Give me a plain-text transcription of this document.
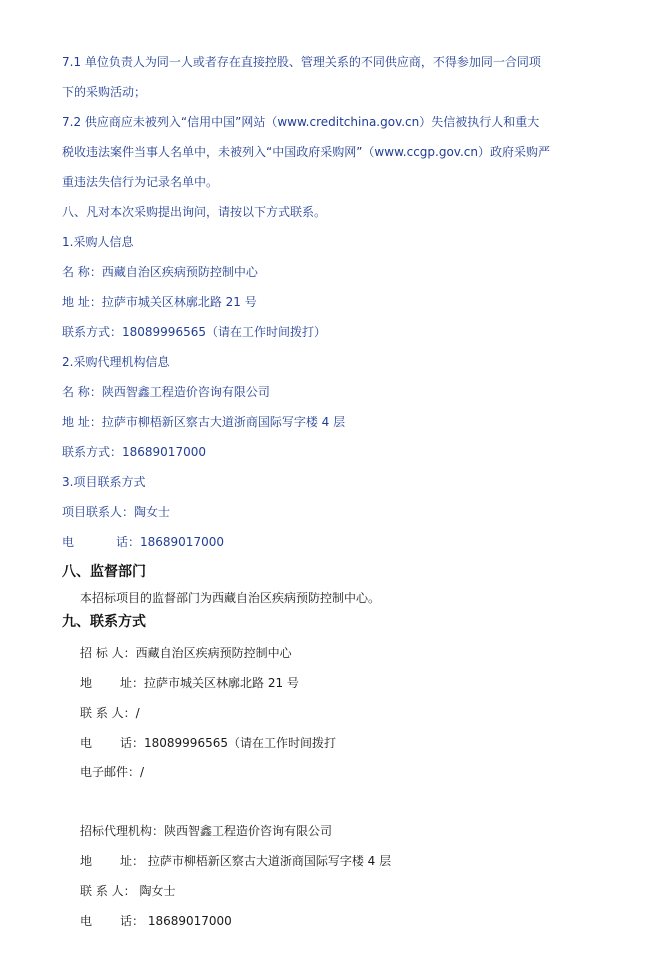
7.1 单位负责人为同一人或者存在直接控股、管理关系的不同供应商，不得参加同一合同项
下的采购活动；
7.2 供应商应未被列入“信用中国”网站（www.creditchina.gov.cn）失信被执行人和重大
税收违法案件当事人名单中，未被列入“中国政府采购网”（www.ccgp.gov.cn）政府采购严
重违法失信行为记录名单中。
八、凡对本次采购提出询问，请按以下方式联系。
1.采购人信息
名 称：西藏自治区疾病预防控制中心
地 址：拉萨市城关区林廓北路 21 号
联系方式：18089996565（请在工作时间拨打）
2.采购代理机构信息
名 称：陕西智鑫工程造价咨询有限公司
地 址：拉萨市柳梧新区察古大道浙商国际写字楼 4 层
联系方式：18689017000
3.项目联系方式
项目联系人：陶女士
电	话：18689017000
八、监督部门
本招标项目的监督部门为西藏自治区疾病预防控制中心。
九、联系方式
招 标 人：西藏自治区疾病预防控制中心
地 址：拉萨市城关区林廓北路 21 号
联 系 人：/
电 话：18089996565（请在工作时间拨打
电子邮件：/
招标代理机构：陕西智鑫工程造价咨询有限公司
地 址： 拉萨市柳梧新区察古大道浙商国际写字楼 4 层
联 系 人： 陶女士
电 话： 18689017000
